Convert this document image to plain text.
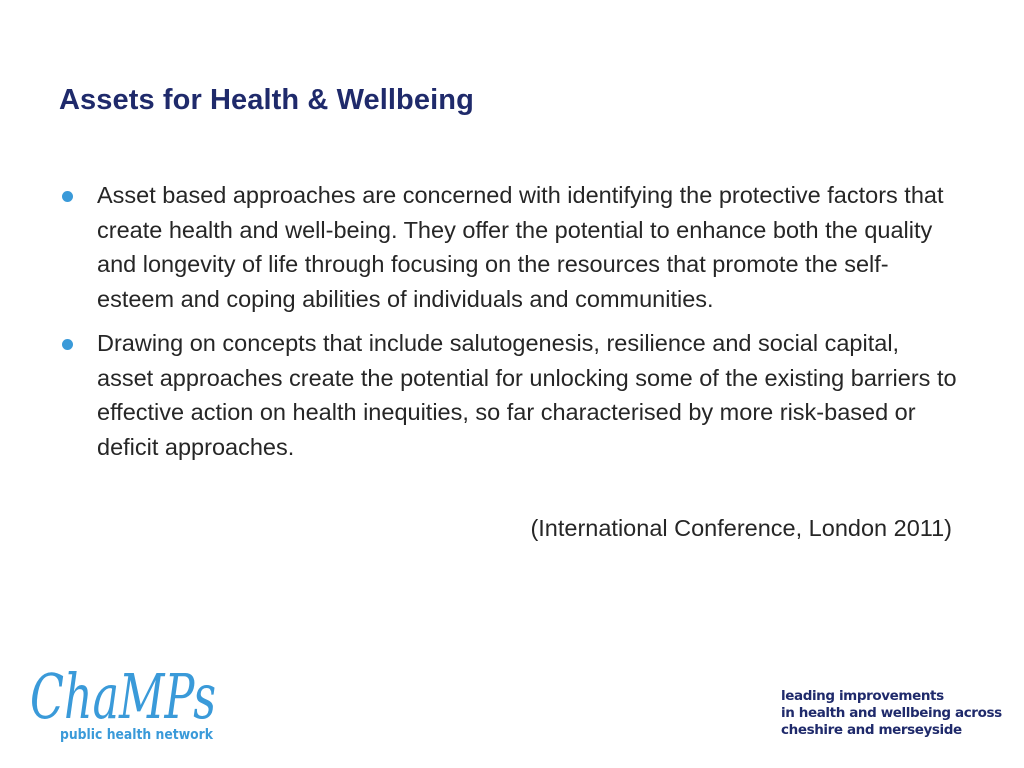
Assets for Health & Wellbeing
Asset based approaches are concerned with identifying the protective factors that create health and well-being. They offer the potential to enhance both the quality and longevity of life through focusing on the resources that promote the self-esteem and coping abilities of individuals and communities.
Drawing on concepts that include salutogenesis, resilience and social capital, asset approaches create the potential for unlocking some of the existing barriers to effective action on health inequities, so far characterised by more risk-based or deficit approaches.
(International Conference, London 2011)
ChaMPs
public health network
leading improvements
in health and wellbeing across
cheshire and merseyside
